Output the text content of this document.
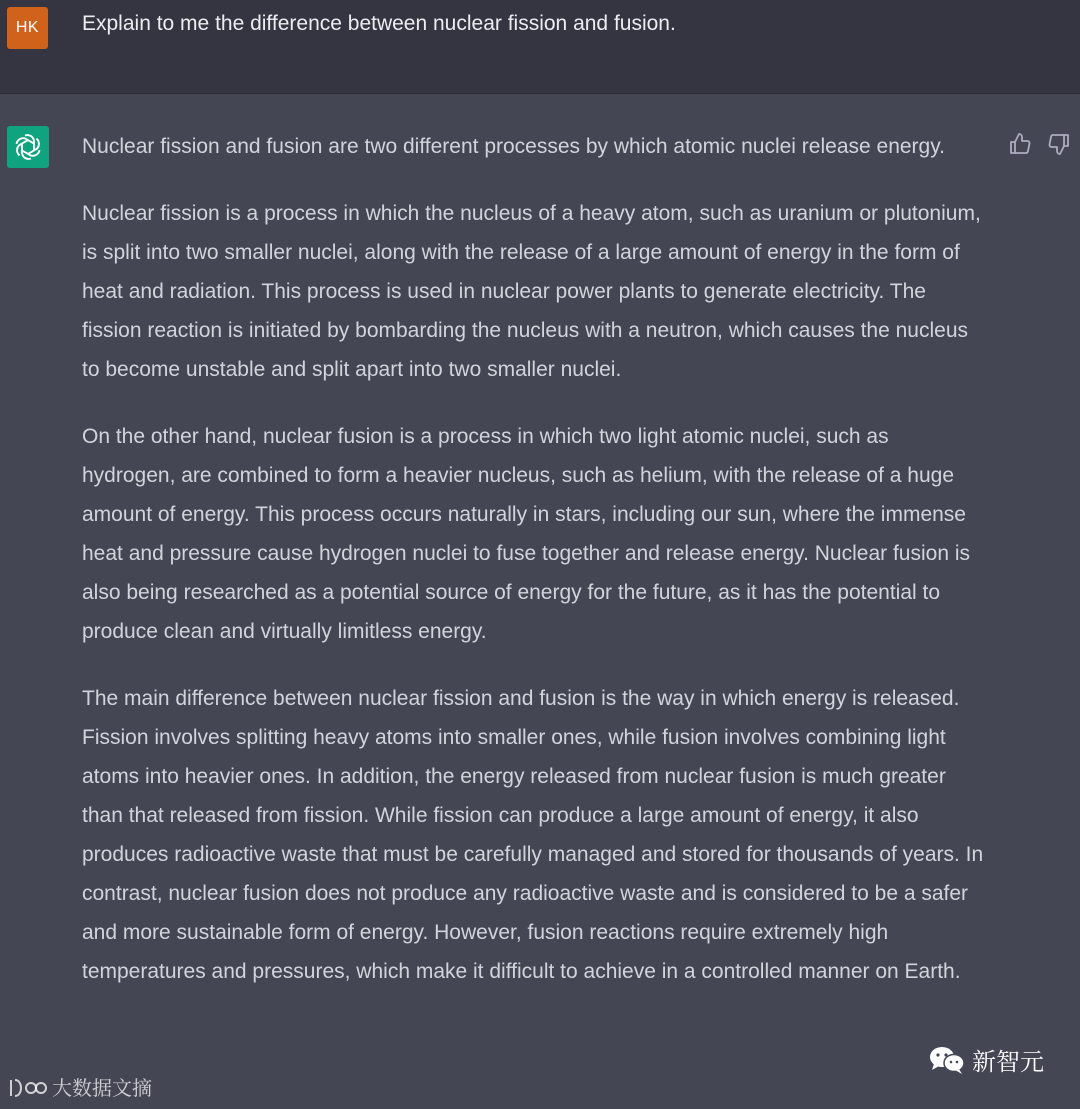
HK	Explain to me the difference between nuclear fission and fusion.

Nuclear fission and fusion are two different processes by which atomic nuclei release energy.

Nuclear fission is a process in which the nucleus of a heavy atom, such as uranium or plutonium, is split into two smaller nuclei, along with the release of a large amount of energy in the form of heat and radiation. This process is used in nuclear power plants to generate electricity. The fission reaction is initiated by bombarding the nucleus with a neutron, which causes the nucleus to become unstable and split apart into two smaller nuclei.

On the other hand, nuclear fusion is a process in which two light atomic nuclei, such as hydrogen, are combined to form a heavier nucleus, such as helium, with the release of a huge amount of energy. This process occurs naturally in stars, including our sun, where the immense heat and pressure cause hydrogen nuclei to fuse together and release energy. Nuclear fusion is also being researched as a potential source of energy for the future, as it has the potential to produce clean and virtually limitless energy.

The main difference between nuclear fission and fusion is the way in which energy is released. Fission involves splitting heavy atoms into smaller ones, while fusion involves combining light atoms into heavier ones. In addition, the energy released from nuclear fusion is much greater than that released from fission. While fission can produce a large amount of energy, it also produces radioactive waste that must be carefully managed and stored for thousands of years. In contrast, nuclear fusion does not produce any radioactive waste and is considered to be a safer and more sustainable form of energy. However, fusion reactions require extremely high temperatures and pressures, which make it difficult to achieve in a controlled manner on Earth.

新智元
大数据文摘
